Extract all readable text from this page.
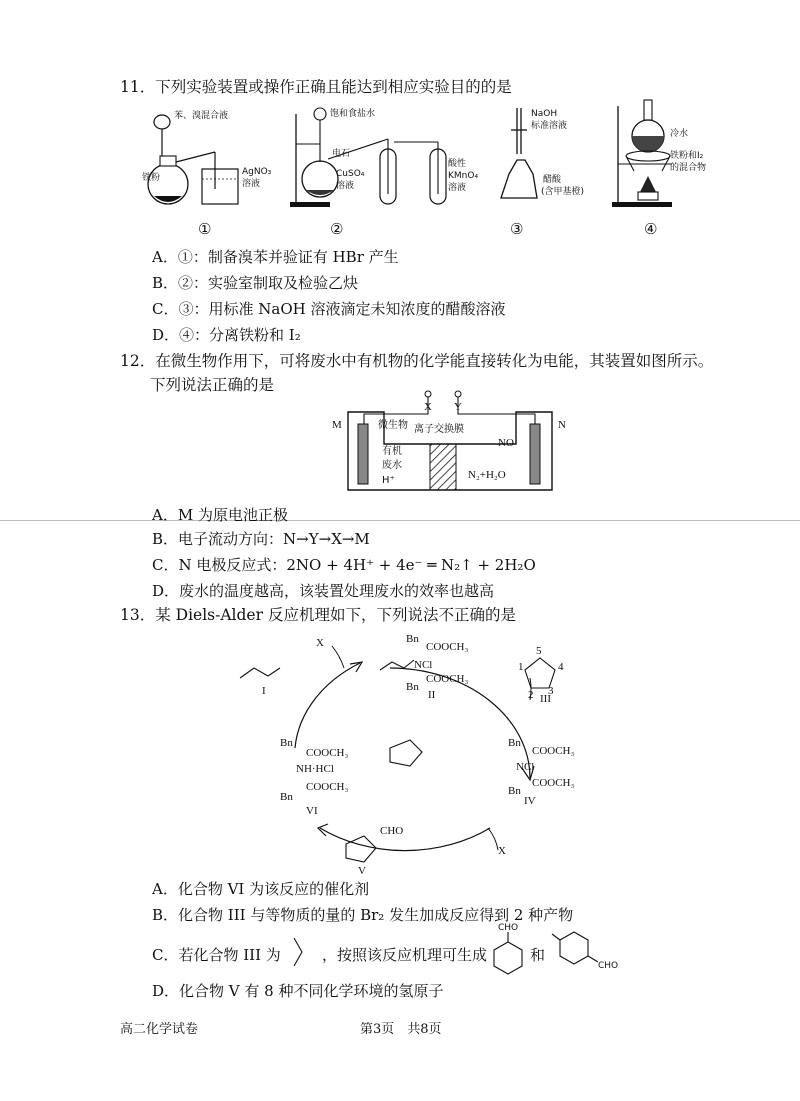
11．下列实验装置或操作正确且能达到相应实验目的的是
苯、溴混合液
铁粉
AgNO₃
溶液
①
饱和食盐水
电石
CuSO₄
溶液
酸性
KMnO₄
溶液
②
NaOH
标准溶液
醋酸
(含甲基橙)
③
冷水
铁粉和I₂
的混合物
④
A．①：制备溴苯并验证有 HBr 产生
B．②：实验室制取及检验乙炔
C．③：用标准 NaOH 溶液滴定未知浓度的醋酸溶液
D．④：分离铁粉和 I₂
12．在微生物作用下，可将废水中有机物的化学能直接转化为电能，其装置如图所示。
下列说法正确的是
X Y
M	N
离子交换膜
微生物
有机
废水
H⁺
NO
N₂+H₂O
A．M 为原电池正极
B．电子流动方向：N→Y→X→M
C．N 电极反应式：2NO + 4H⁺ + 4e⁻ ═ N₂↑ + 2H₂O
D．废水的温度越高，该装置处理废水的效率也越高
13．某 Diels-Alder 反应机理如下，下列说法不正确的是
X
X
I	II	III
IV
V
VI
Bn
COOCH₃
NCl
Bn
COOCH₃
5
4
1
2 3
Bn
COOCH₃
NCl
Bn
COOCH₃
Bn
COOCH₃
NH·HCl
COOCH₃
Bn
CHO
A．化合物 VI 为该反应的催化剂
B．化合物 III 与等物质的量的 Br₂ 发生加成反应得到 2 种产物
C．若化合物 III 为	，按照该反应机理可生成
CHO
和
CHO
D．化合物 V 有 8 种不同化学环境的氢原子
高二化学试卷	第3页　共8页
